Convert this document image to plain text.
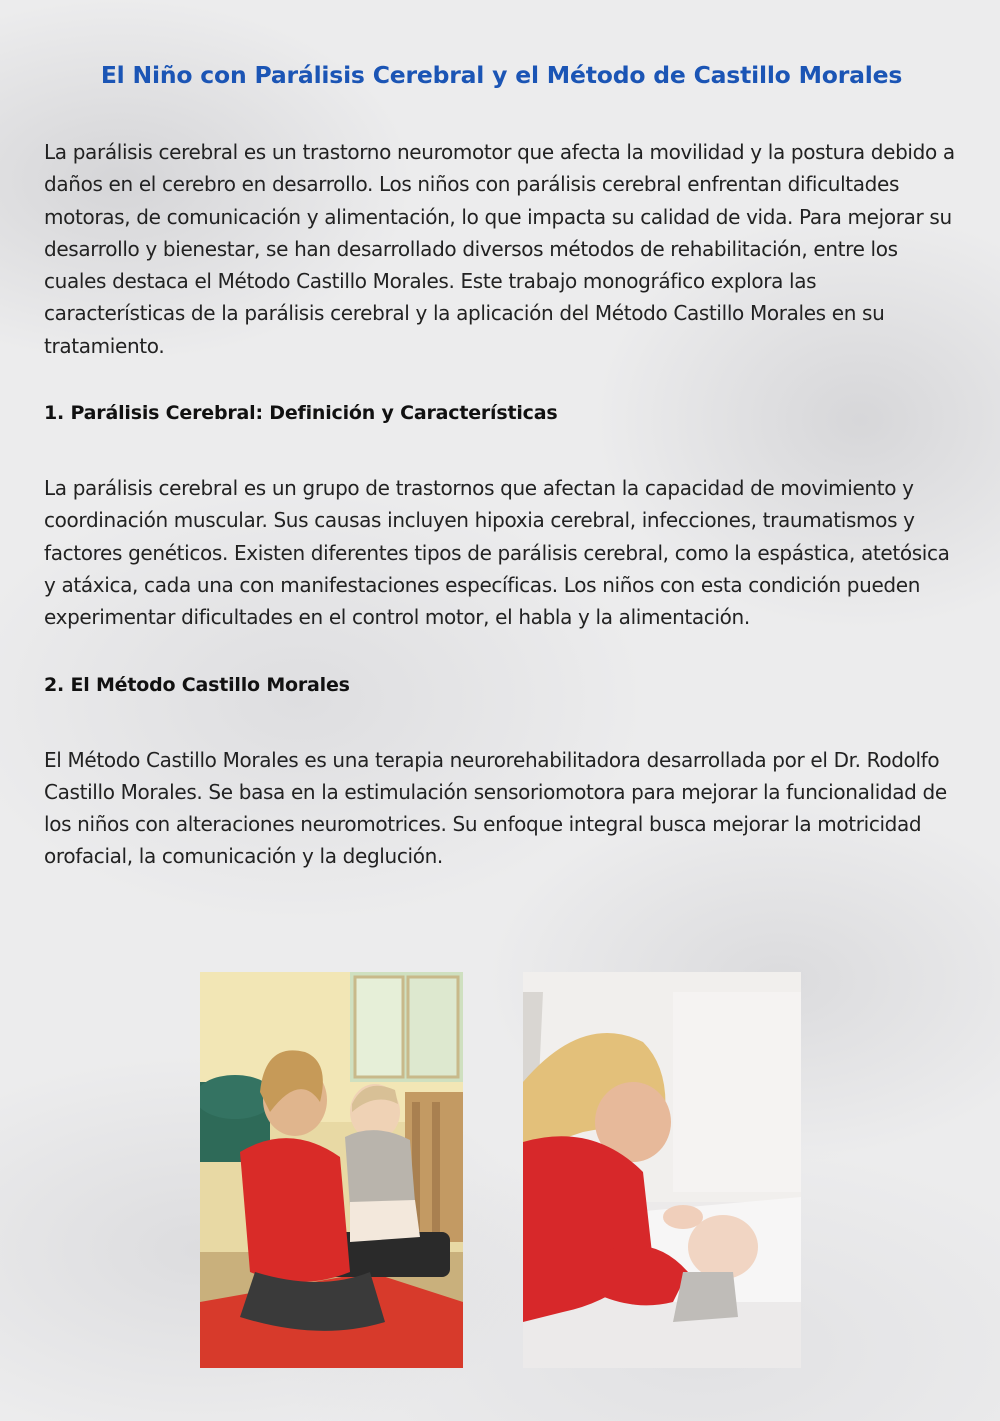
El Niño con Parálisis Cerebral y el Método de Castillo Morales

La parálisis cerebral es un trastorno neuromotor que afecta la movilidad y la postura debido a daños en el cerebro en desarrollo. Los niños con parálisis cerebral enfrentan dificultades motoras, de comunicación y alimentación, lo que impacta su calidad de vida. Para mejorar su desarrollo y bienestar, se han desarrollado diversos métodos de rehabilitación, entre los cuales destaca el Método Castillo Morales. Este trabajo monográfico explora las características de la parálisis cerebral y la aplicación del Método Castillo Morales en su tratamiento.

1. Parálisis Cerebral: Definición y Características

La parálisis cerebral es un grupo de trastornos que afectan la capacidad de movimiento y coordinación muscular. Sus causas incluyen hipoxia cerebral, infecciones, traumatismos y factores genéticos. Existen diferentes tipos de parálisis cerebral, como la espástica, atetósica y atáxica, cada una con manifestaciones específicas. Los niños con esta condición pueden experimentar dificultades en el control motor, el habla y la alimentación.

2. El Método Castillo Morales

El Método Castillo Morales es una terapia neurorehabilitadora desarrollada por el Dr. Rodolfo Castillo Morales. Se basa en la estimulación sensoriomotora para mejorar la funcionalidad de los niños con alteraciones neuromotrices. Su enfoque integral busca mejorar la motricidad orofacial, la comunicación y la deglución.
